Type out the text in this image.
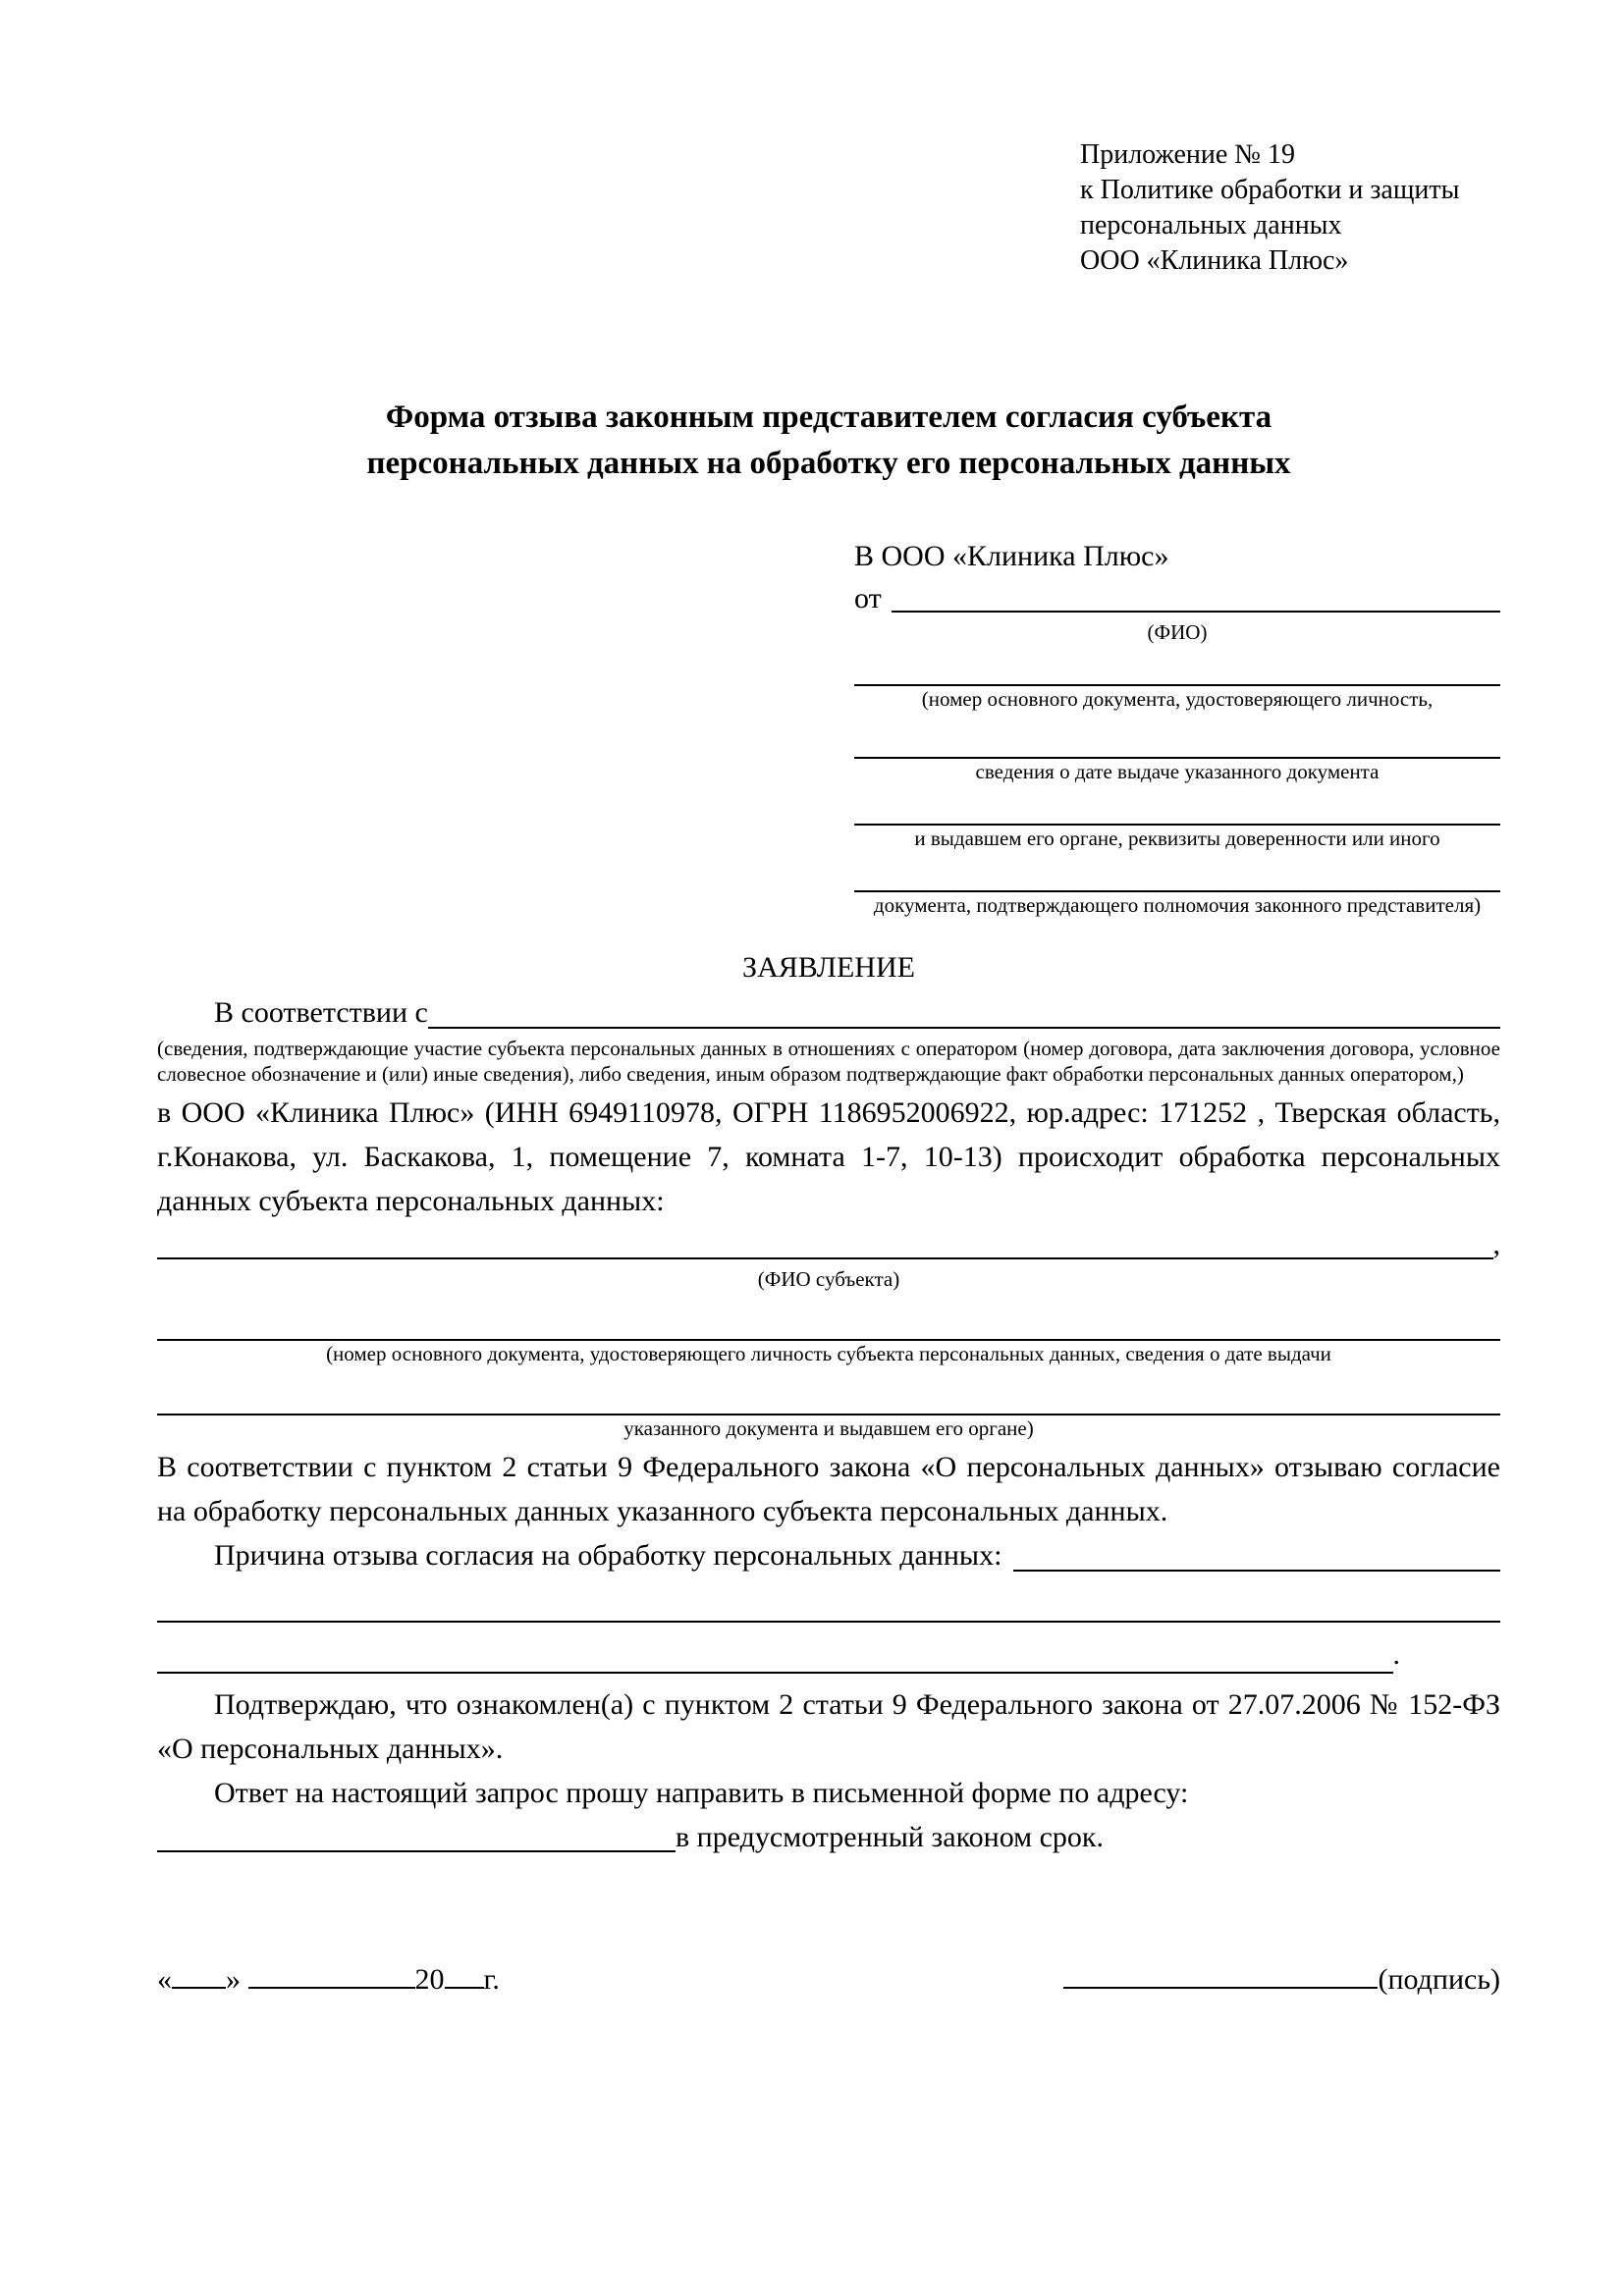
Приложение № 19
к Политике обработки и защиты
персональных данных
ООО «Клиника Плюс»
Форма отзыва законным представителем согласия субъекта
персональных данных на обработку его персональных данных
В ООО «Клиника Плюс»
от
(ФИО)
(номер основного документа, удостоверяющего личность,
сведения о дате выдаче указанного документа
и выдавшем его органе, реквизиты доверенности или иного
документа, подтверждающего полномочия законного представителя)
ЗАЯВЛЕНИЕ
В соответствии с

(сведения, подтверждающие участие субъекта персональных данных в отношениях с оператором (номер договора, дата заключения договора, условное словесное обозначение и (или) иные сведения), либо сведения, иным образом подтверждающие факт обработки персональных данных оператором,)

в ООО «Клиника Плюс» (ИНН 6949110978, ОГРН 1186952006922, юр.адрес: 171252 , Тверская область, г.Конакова, ул. Баскакова, 1, помещение 7, комната 1-7, 10-13) происходит обработка персональных данных субъекта персональных данных:

,
(ФИО субъекта)
(номер основного документа, удостоверяющего личность субъекта персональных данных, сведения о дате выдачи
указанного документа и выдавшем его органе)

В соответствии с пунктом 2 статьи 9 Федерального закона «О персональных данных» отзываю согласие на обработку персональных данных указанного субъекта персональных данных.

Причина отзыва согласия на обработку персональных данных:
.

Подтверждаю, что ознакомлен(а) с пунктом 2 статьи 9 Федерального закона от 27.07.2006 № 152-ФЗ «О персональных данных».

Ответ на настоящий запрос прошу направить в письменной форме по адресу:

в предусмотренный законом срок.
« »	20 г.	(подпись)
